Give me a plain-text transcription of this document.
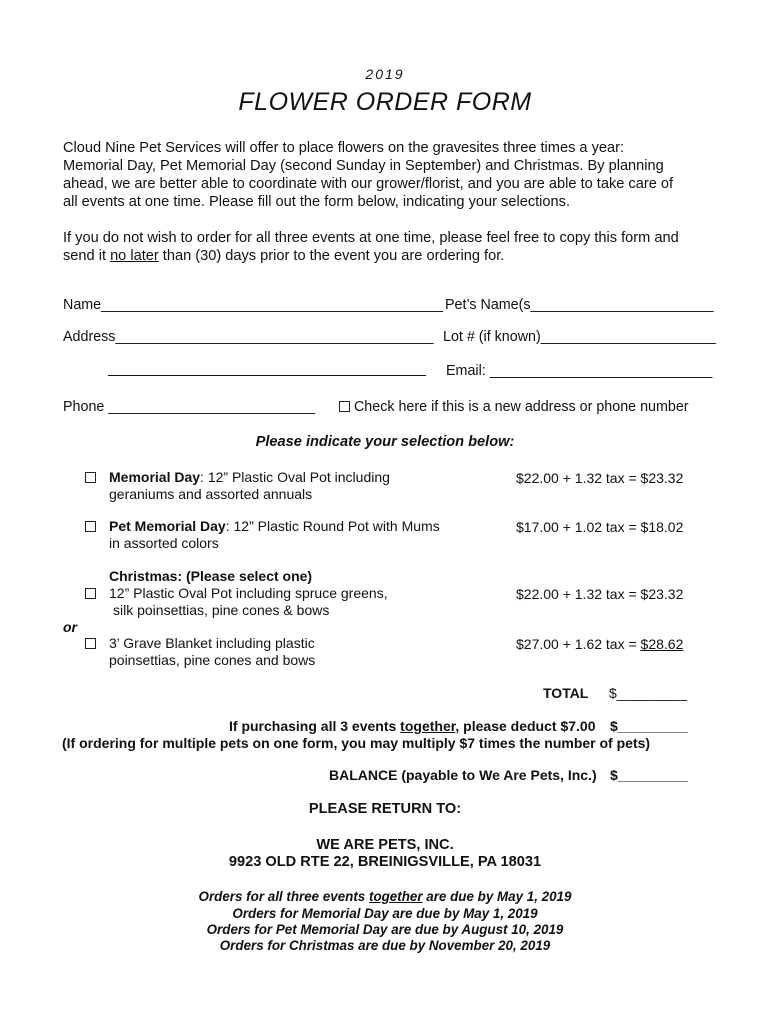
2019
FLOWER ORDER FORM
Cloud Nine Pet Services will offer to place flowers on the gravesites three times a year:
Memorial Day, Pet Memorial Day (second Sunday in September) and Christmas. By planning
ahead, we are better able to coordinate with our grower/florist, and you are able to take care of
all events at one time. Please fill out the form below, indicating your selections.
If you do not wish to order for all three events at one time, please feel free to copy this form and
send it no later than (30) days prior to the event you are ordering for.
Name___________________________________________ Pet’s Name(s_______________________
Address________________________________________ Lot # (if known)______________________
Email: ____________________________
Phone __________________________	Check here if this is a new address or phone number
Please indicate your selection below:
Memorial Day: 12” Plastic Oval Pot including
geraniums and assorted annuals
$22.00 + 1.32 tax = $23.32
Pet Memorial Day: 12” Plastic Round Pot with Mums
in assorted colors
$17.00 + 1.02 tax = $18.02
Christmas: (Please select one)
12” Plastic Oval Pot including spruce greens,
silk poinsettias, pine cones & bows
$22.00 + 1.32 tax = $23.32
or
3’ Grave Blanket including plastic
poinsettias, pine cones and bows
$27.00 + 1.62 tax = $28.62
TOTAL $_________
If purchasing all 3 events together, please deduct $7.00 $_________
(If ordering for multiple pets on one form, you may multiply $7 times the number of pets)
BALANCE (payable to We Are Pets, Inc.) $_________
PLEASE RETURN TO:
WE ARE PETS, INC.
9923 OLD RTE 22, BREINIGSVILLE, PA 18031
Orders for all three events together are due by May 1, 2019
Orders for Memorial Day are due by May 1, 2019
Orders for Pet Memorial Day are due by August 10, 2019
Orders for Christmas are due by November 20, 2019
